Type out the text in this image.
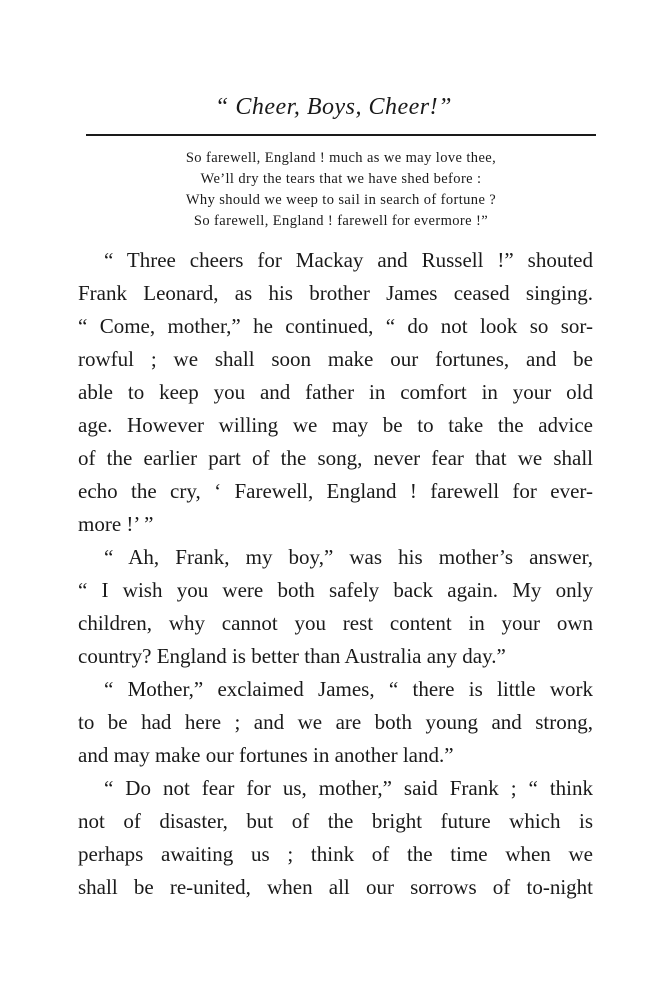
“ Cheer, Boys, Cheer!”
So farewell, England ! much as we may love thee,
We’ll dry the tears that we have shed before :
Why should we weep to sail in search of fortune ?
So farewell, England ! farewell for evermore !”
“ Three cheers for Mackay and Russell !” shouted
Frank Leonard, as his brother James ceased singing.
“ Come, mother,” he continued, “ do not look so sor-
rowful ; we shall soon make our fortunes, and be
able to keep you and father in comfort in your old
age. However willing we may be to take the advice
of the earlier part of the song, never fear that we shall
echo the cry, ‘ Farewell, England ! farewell for ever-
more !’ ”
“ Ah, Frank, my boy,” was his mother’s answer,
“ I wish you were both safely back again. My only
children, why cannot you rest content in your own
country? England is better than Australia any day.”
“ Mother,” exclaimed James, “ there is little work
to be had here ; and we are both young and strong,
and may make our fortunes in another land.”
“ Do not fear for us, mother,” said Frank ; “ think
not of disaster, but of the bright future which is
perhaps awaiting us ; think of the time when we
shall be re-united, when all our sorrows of to-night
